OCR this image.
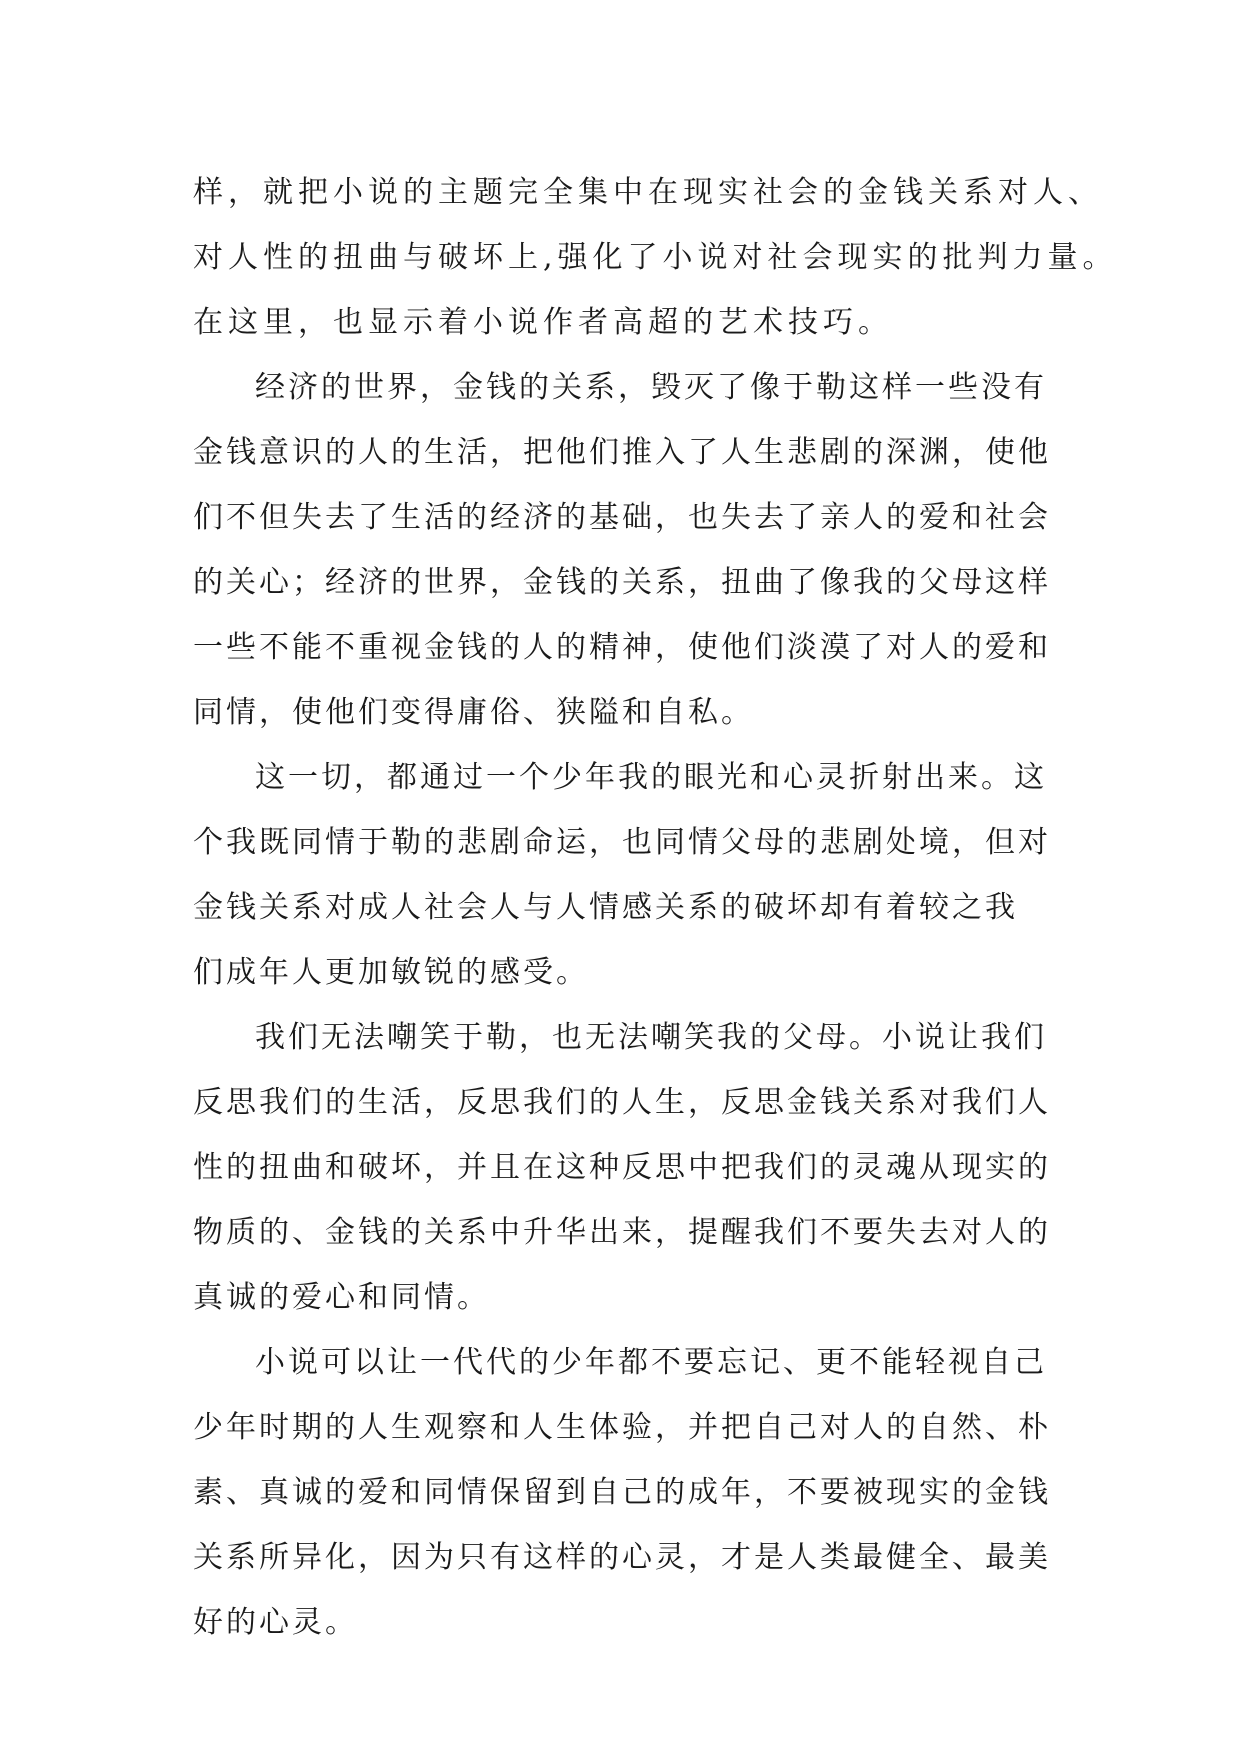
样，就把小说的主题完全集中在现实社会的金钱关系对人、
对人性的扭曲与破坏上,强化了小说对社会现实的批判力量。
在这里，也显示着小说作者高超的艺术技巧。
经济的世界，金钱的关系，毁灭了像于勒这样一些没有
金钱意识的人的生活，把他们推入了人生悲剧的深渊，使他
们不但失去了生活的经济的基础，也失去了亲人的爱和社会
的关心；经济的世界，金钱的关系，扭曲了像我的父母这样
一些不能不重视金钱的人的精神，使他们淡漠了对人的爱和
同情，使他们变得庸俗、狭隘和自私。
这一切，都通过一个少年我的眼光和心灵折射出来。这
个我既同情于勒的悲剧命运，也同情父母的悲剧处境，但对
金钱关系对成人社会人与人情感关系的破坏却有着较之我
们成年人更加敏锐的感受。
我们无法嘲笑于勒，也无法嘲笑我的父母。小说让我们
反思我们的生活，反思我们的人生，反思金钱关系对我们人
性的扭曲和破坏，并且在这种反思中把我们的灵魂从现实的
物质的、金钱的关系中升华出来，提醒我们不要失去对人的
真诚的爱心和同情。
小说可以让一代代的少年都不要忘记、更不能轻视自己
少年时期的人生观察和人生体验，并把自己对人的自然、朴
素、真诚的爱和同情保留到自己的成年，不要被现实的金钱
关系所异化，因为只有这样的心灵，才是人类最健全、最美
好的心灵。
